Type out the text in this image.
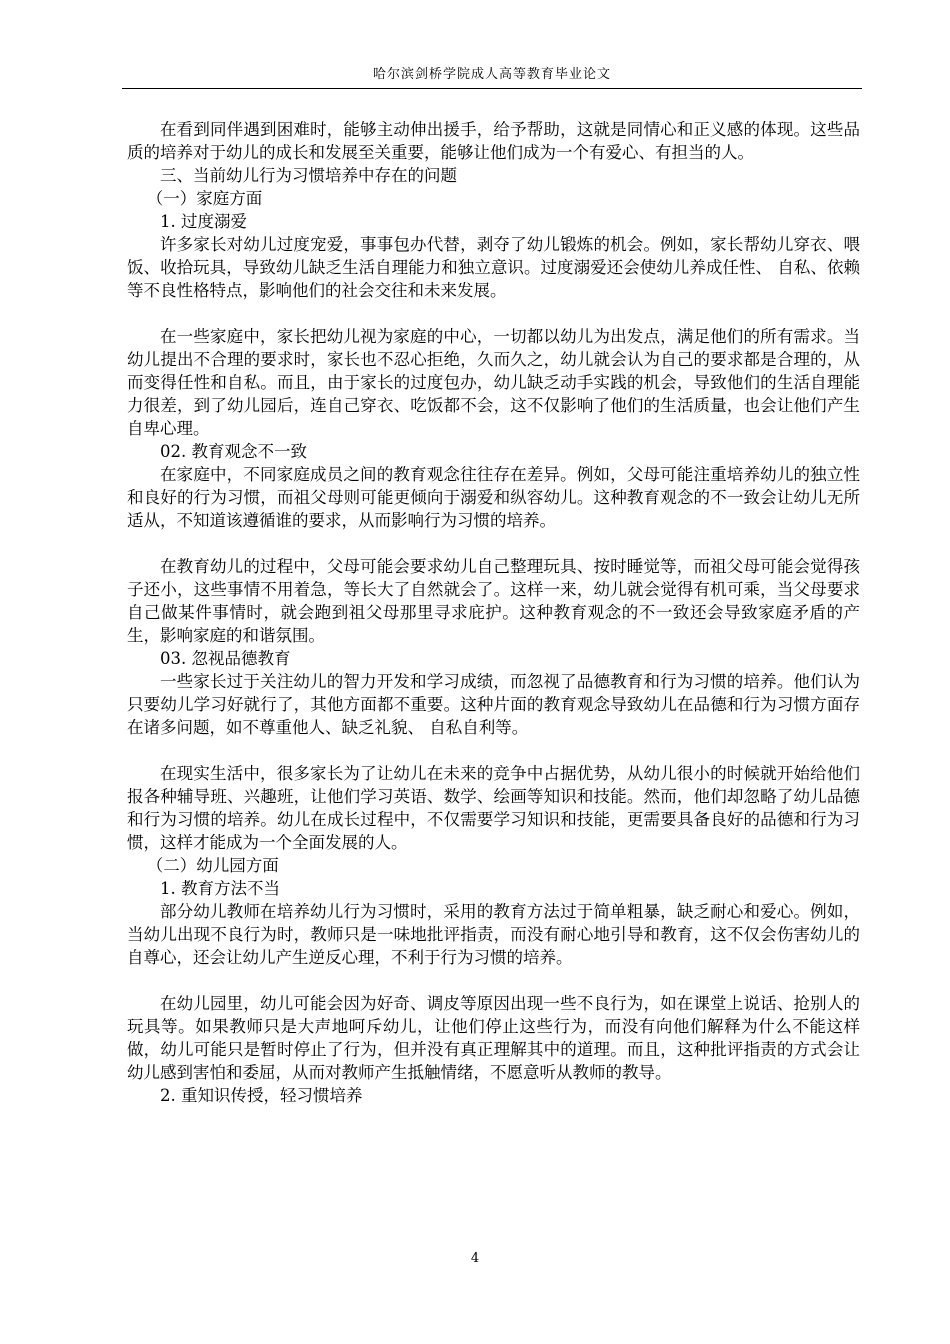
哈尔滨剑桥学院成人高等教育毕业论文

在看到同伴遇到困难时，能够主动伸出援手，给予帮助，这就是同情心和正义感的体现。这些品质的培养对于幼儿的成长和发展至关重要，能够让他们成为一个有爱心、有担当的人。

三、当前幼儿行为习惯培养中存在的问题

（一）家庭方面

1. 过度溺爱

许多家长对幼儿过度宠爱，事事包办代替，剥夺了幼儿锻炼的机会。例如，家长帮幼儿穿衣、喂饭、收拾玩具，导致幼儿缺乏生活自理能力和独立意识。过度溺爱还会使幼儿养成任性、 自私、依赖等不良性格特点，影响他们的社会交往和未来发展。

在一些家庭中，家长把幼儿视为家庭的中心，一切都以幼儿为出发点，满足他们的所有需求。当幼儿提出不合理的要求时，家长也不忍心拒绝，久而久之，幼儿就会认为自己的要求都是合理的，从而变得任性和自私。而且，由于家长的过度包办，幼儿缺乏动手实践的机会，导致他们的生活自理能力很差，到了幼儿园后，连自己穿衣、吃饭都不会，这不仅影响了他们的生活质量，也会让他们产生自卑心理。

02. 教育观念不一致

在家庭中，不同家庭成员之间的教育观念往往存在差异。例如，父母可能注重培养幼儿的独立性和良好的行为习惯，而祖父母则可能更倾向于溺爱和纵容幼儿。这种教育观念的不一致会让幼儿无所适从，不知道该遵循谁的要求，从而影响行为习惯的培养。

在教育幼儿的过程中，父母可能会要求幼儿自己整理玩具、按时睡觉等，而祖父母可能会觉得孩子还小，这些事情不用着急，等长大了自然就会了。这样一来，幼儿就会觉得有机可乘，当父母要求自己做某件事情时，就会跑到祖父母那里寻求庇护。这种教育观念的不一致还会导致家庭矛盾的产生，影响家庭的和谐氛围。

03. 忽视品德教育

一些家长过于关注幼儿的智力开发和学习成绩，而忽视了品德教育和行为习惯的培养。他们认为只要幼儿学习好就行了，其他方面都不重要。这种片面的教育观念导致幼儿在品德和行为习惯方面存在诸多问题，如不尊重他人、缺乏礼貌、 自私自利等。

在现实生活中，很多家长为了让幼儿在未来的竞争中占据优势，从幼儿很小的时候就开始给他们报各种辅导班、兴趣班，让他们学习英语、数学、绘画等知识和技能。然而，他们却忽略了幼儿品德和行为习惯的培养。幼儿在成长过程中，不仅需要学习知识和技能，更需要具备良好的品德和行为习惯，这样才能成为一个全面发展的人。

（二）幼儿园方面

1. 教育方法不当

部分幼儿教师在培养幼儿行为习惯时，采用的教育方法过于简单粗暴，缺乏耐心和爱心。例如，当幼儿出现不良行为时，教师只是一味地批评指责，而没有耐心地引导和教育，这不仅会伤害幼儿的自尊心，还会让幼儿产生逆反心理，不利于行为习惯的培养。

在幼儿园里，幼儿可能会因为好奇、调皮等原因出现一些不良行为，如在课堂上说话、抢别人的玩具等。如果教师只是大声地呵斥幼儿，让他们停止这些行为，而没有向他们解释为什么不能这样做，幼儿可能只是暂时停止了行为，但并没有真正理解其中的道理。而且，这种批评指责的方式会让幼儿感到害怕和委屈，从而对教师产生抵触情绪，不愿意听从教师的教导。

2. 重知识传授，轻习惯培养

4
